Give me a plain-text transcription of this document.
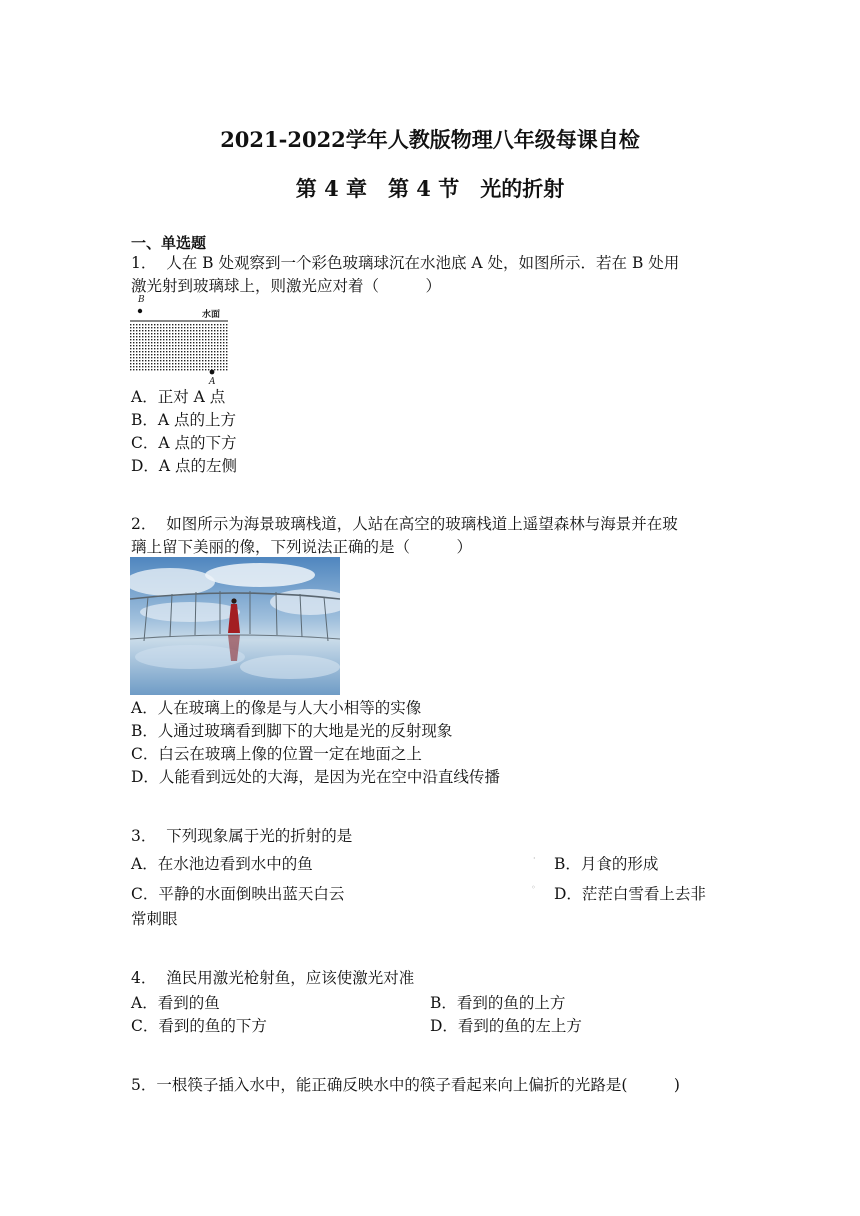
2021-2022学年人教版物理八年级每课自检
第 4 章　第 4 节　光的折射
一、单选题
1． 人在 B 处观察到一个彩色玻璃球沉在水池底 A 处，如图所示．若在 B 处用
激光射到玻璃球上，则激光应对着（　　　）
B
水面
A
A．正对 A 点
B．A 点的上方
C．A 点的下方
D．A 点的左侧
2． 如图所示为海景玻璃栈道，人站在高空的玻璃栈道上遥望森林与海景并在玻
璃上留下美丽的像，下列说法正确的是（　　　）
A．人在玻璃上的像是与人大小相等的实像
B．人通过玻璃看到脚下的大地是光的反射现象
C．白云在玻璃上像的位置一定在地面之上
D．人能看到远处的大海，是因为光在空中沿直线传播
3． 下列现象属于光的折射的是
A．在水池边看到水中的鱼	· B．月食的形成
C．平静的水面倒映出蓝天白云	◦ D．茫茫白雪看上去非
常刺眼
4． 渔民用激光枪射鱼，应该使激光对准
A．看到的鱼	B．看到的鱼的上方
C．看到的鱼的下方	D．看到的鱼的左上方
5．一根筷子插入水中，能正确反映水中的筷子看起来向上偏折的光路是(　　　)
